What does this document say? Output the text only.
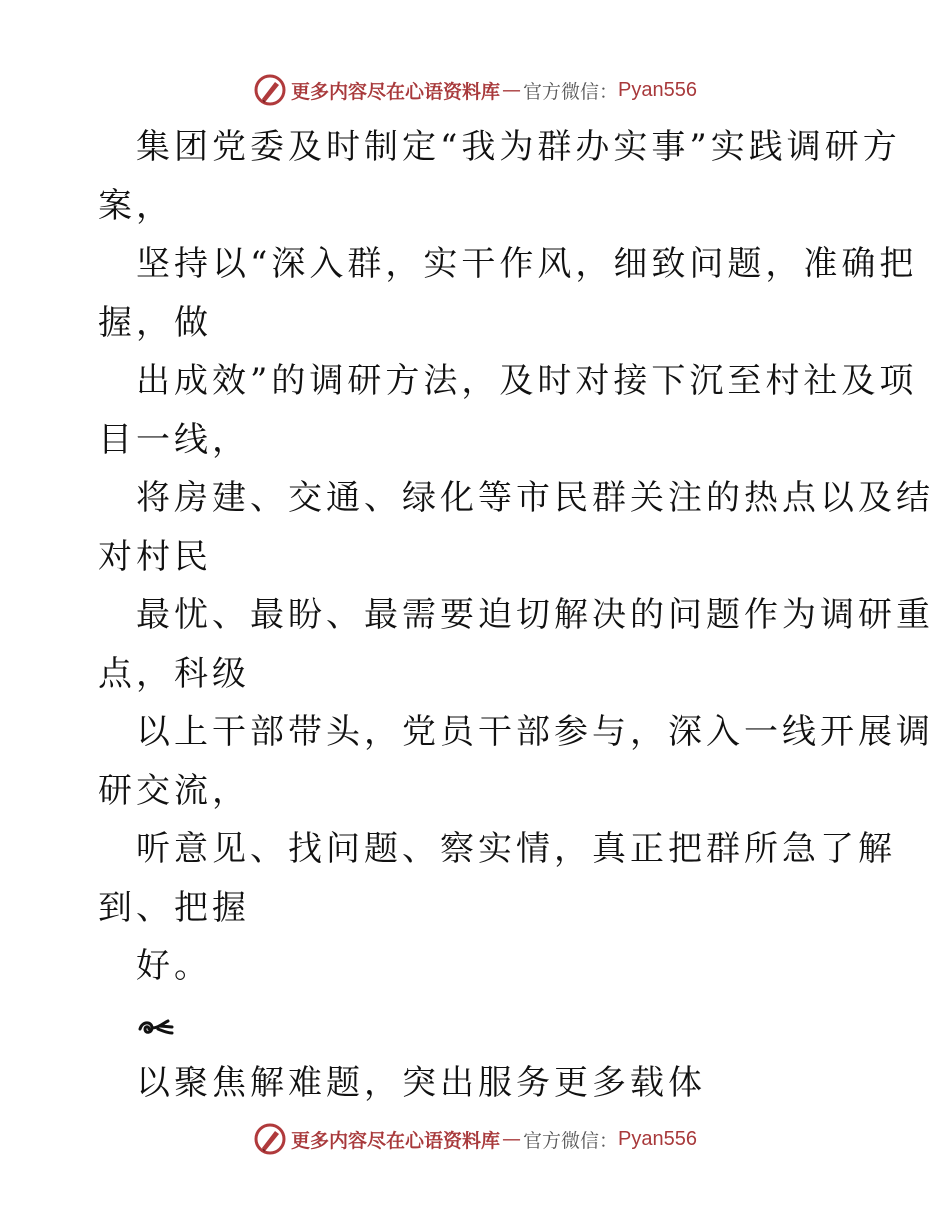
更多内容尽在心语资料库 — 官方微信： Pyan556
集团党委及时制定“我为群办实事”实践调研方
案，
坚持以“深入群，实干作风，细致问题，准确把
握，做
出成效”的调研方法，及时对接下沉至村社及项
目一线，
将房建、交通、绿化等市民群关注的热点以及结
对村民
最忧、最盼、最需要迫切解决的问题作为调研重
点，科级
以上干部带头，党员干部参与，深入一线开展调
研交流，
听意见、找问题、察实情，真正把群所急了解
到、把握
好。
以聚焦解难题，突出服务更多载体
更多内容尽在心语资料库 — 官方微信： Pyan556
